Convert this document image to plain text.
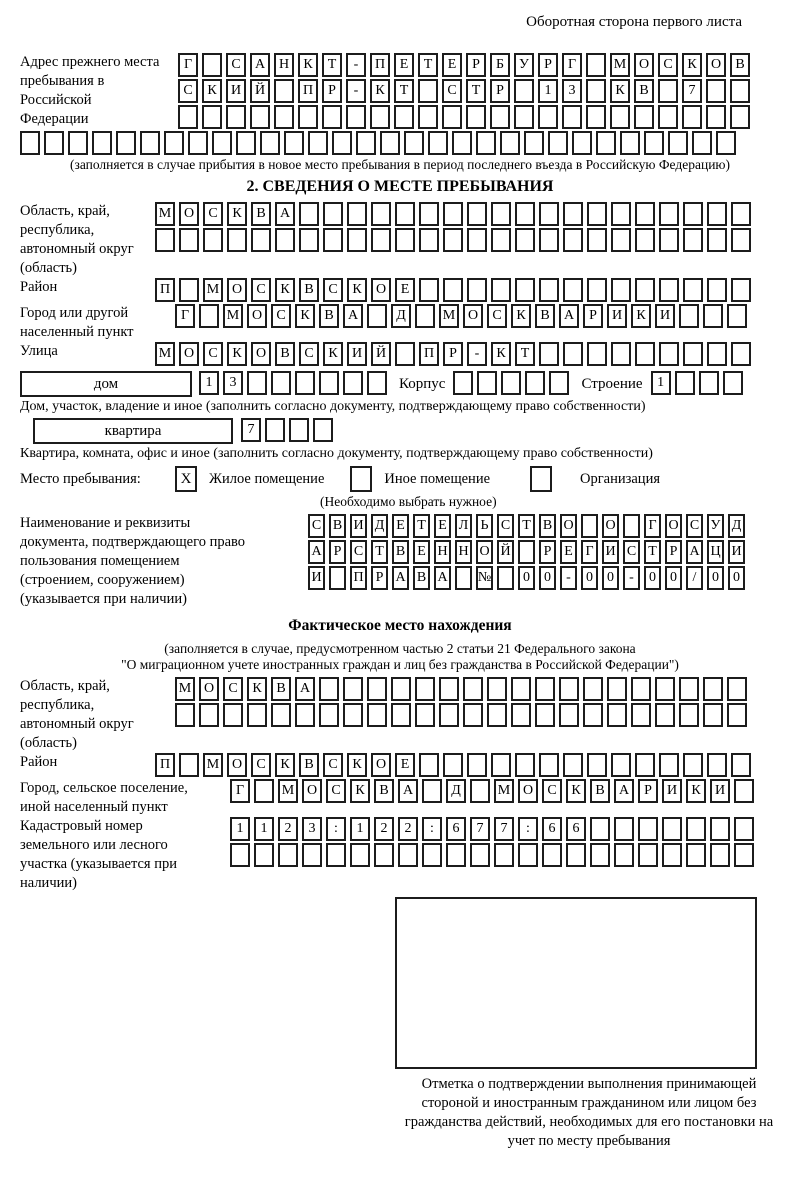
Оборотная сторона первого листа
Адрес прежнего места пребывания в Российской Федерации
Г	С	А Н	К	Т	-	П	Е	Т	Е	Р	Б	У	Р	Г	М О	С	К	О	В
С	К	И Й	П	Р	-	К	Т	С	Т	Р	1	3	К	В	7
(заполняется в случае прибытия в новое место пребывания в период последнего въезда в Российскую Федерацию)
2. СВЕДЕНИЯ О МЕСТЕ ПРЕБЫВАНИЯ
Область, край, республика, автономный округ (область)
М О	С	К	В	А
Район	П	М О	С	К	В	С	К	О	Е
Город или другой населенный пункт
Г	М О	С	К	В	А	Д	М О	С	К	В	А	Р	И	К	И
Улица	М О	С	К	О	В	С	К	И Й	П	Р	-	К	Т
дом	1	3	Корпус	Строение	1
Дом, участок, владение и иное (заполнить согласно документу, подтверждающему право собственности)
квартира	7
Квартира, комната, офис и иное (заполнить согласно документу, подтверждающему право собственности)
Место пребывания:	X	Жилое помещение	Иное помещение	Организация
(Необходимо выбрать нужное)
Наименование и реквизиты документа, подтверждающего право пользования помещением (строением, сооружением) (указывается при наличии)
С В И Д Е Т Е Л Ь С Т В О О	Г О С У Д
А Р С Т В Е Н Н О Й	Р Е Г И С Т Р А Ц И
И П Р А В А №	0	0	-	0	0	-	0	0	/	0	0
Фактическое место нахождения
(заполняется в случае, предусмотренном частью 2 статьи 21 Федерального закона
"О миграционном учете иностранных граждан и лиц без гражданства в Российской Федерации")
Область, край, республика, автономный округ (область)
М О	С	К	В	А
Район	П	М О	С	К	В	С	К	О	Е
Город, сельское поселение, иной населенный пункт
Г	М О	С	К	В	А	Д	М О	С	К	В	А	Р	И	К	И
Кадастровый номер земельного или лесного участка (указывается при наличии)
1	1	2	3	:	1	2	2	:	6	7	7	:	6	6
Отметка о подтверждении выполнения принимающей стороной и иностранным гражданином или лицом без гражданства действий, необходимых для его постановки на учет по месту пребывания
